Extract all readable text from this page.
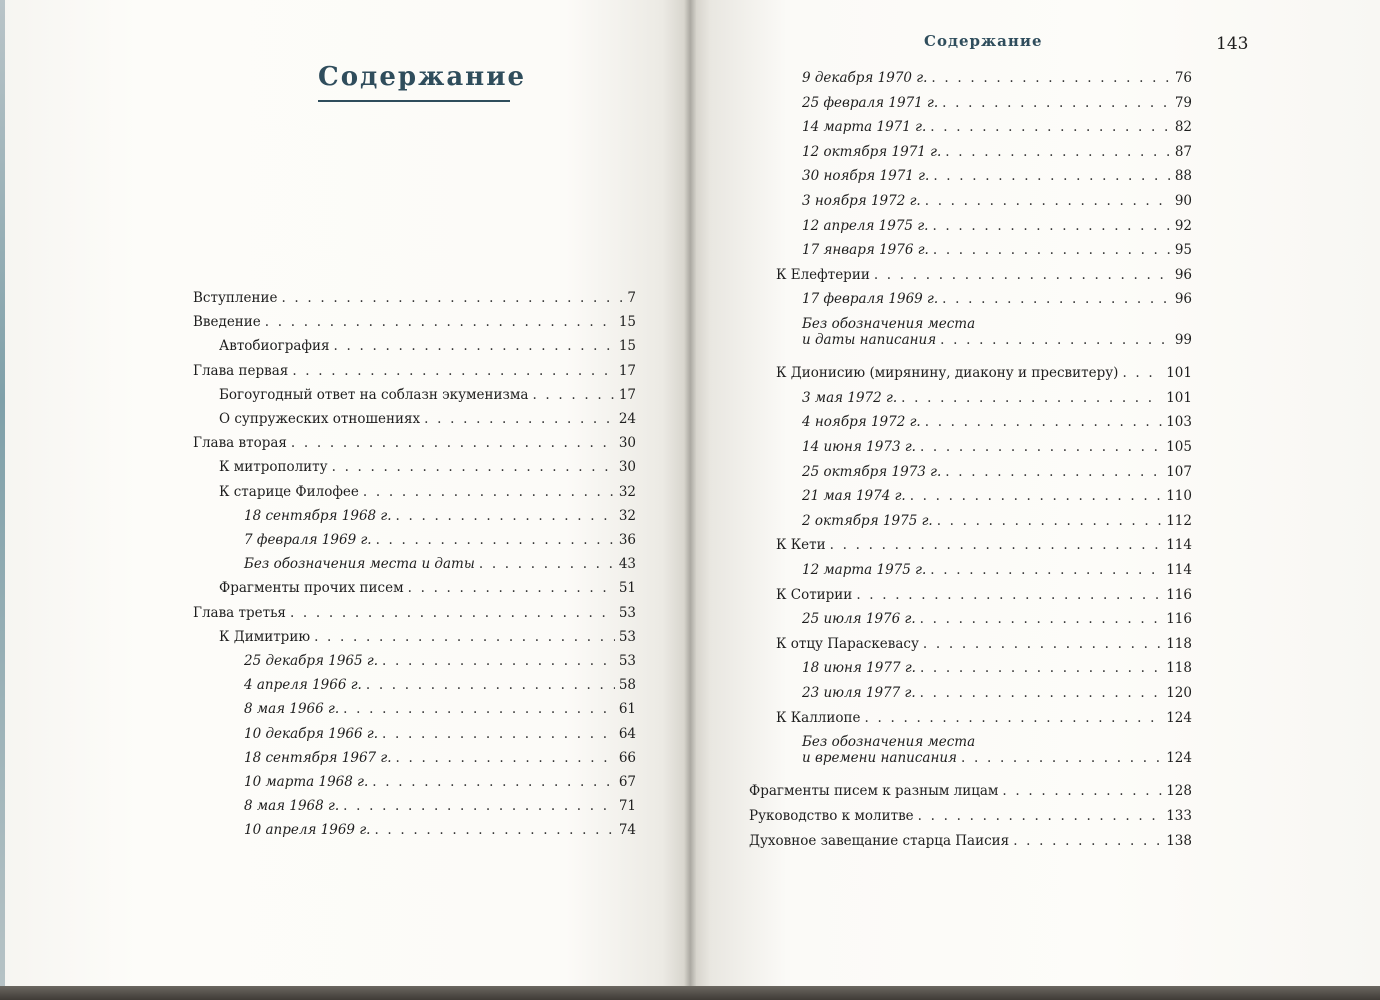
Содержание
Вступление . . .	7
Введение . . .	15
Автобиография . . .	15
Глава первая . . .	17
Богоугодный ответ на соблазн экуменизма . . .	17
О супружеских отношениях . . .	24
Глава вторая . . .	30
К митрополиту . . .	30
К старице Филофее . . .	32
18 сентября 1968 г. . . .	32
7 февраля 1969 г. . . .	36
Без обозначения места и даты . . .	43
Фрагменты прочих писем . . .	51
Глава третья . . .	53
К Димитрию . . .	53
25 декабря 1965 г. . . .	53
4 апреля 1966 г. . . .	58
8 мая 1966 г. . . .	61
10 декабря 1966 г. . . .	64
18 сентября 1967 г. . . .	66
10 марта 1968 г. . . .	67
8 мая 1968 г. . . .	71
10 апреля 1969 г. . . .	74
Содержание	143
9 декабря 1970 г. . . .	76
25 февраля 1971 г. . . .	79
14 марта 1971 г. . . .	82
12 октября 1971 г. . . .	87
30 ноября 1971 г. . . .	88
3 ноября 1972 г. . . .	90
12 апреля 1975 г. . . .	92
17 января 1976 г. . . .	95
К Елефтерии . . .	96
17 февраля 1969 г. . . .	96
Без обозначения места
и даты написания . . .	99
К Дионисию (мирянину, диакону и пресвитеру) . . .	101
3 мая 1972 г. . . .	101
4 ноября 1972 г. . . .	103
14 июня 1973 г. . . .	105
25 октября 1973 г. . . .	107
21 мая 1974 г. . . .	110
2 октября 1975 г. . . .	112
К Кети . . .	114
12 марта 1975 г. . . .	114
К Сотирии . . .	116
25 июля 1976 г. . . .	116
К отцу Параскевасу . . .	118
18 июня 1977 г. . . .	118
23 июля 1977 г. . . .	120
К Каллиопе . . .	124
Без обозначения места
и времени написания . . .	124
Фрагменты писем к разным лицам . . .	128
Руководство к молитве . . .	133
Духовное завещание старца Паисия . . .	138
